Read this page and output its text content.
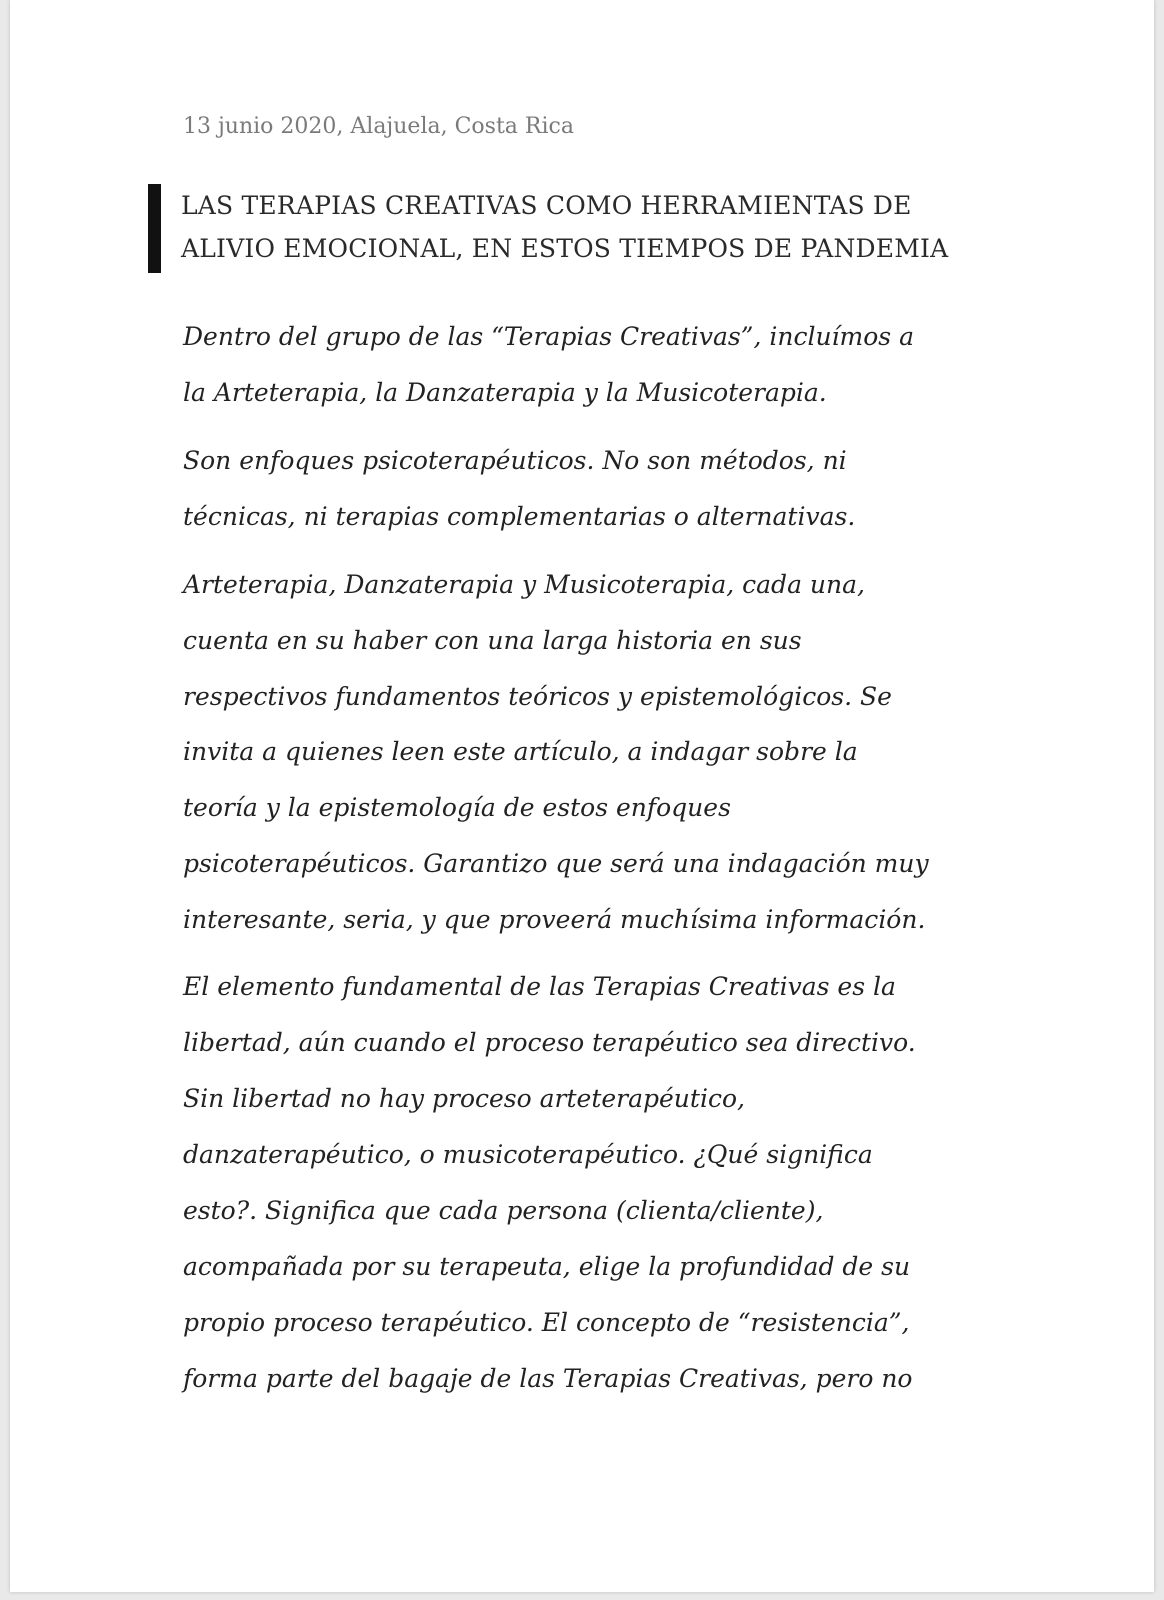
13 junio 2020, Alajuela, Costa Rica
LAS TERAPIAS CREATIVAS COMO HERRAMIENTAS DE
ALIVIO EMOCIONAL, EN ESTOS TIEMPOS DE PANDEMIA
Dentro del grupo de las “Terapias Creativas”, incluímos a
la Arteterapia, la Danzaterapia y la Musicoterapia.
Son enfoques psicoterapéuticos. No son métodos, ni
técnicas, ni terapias complementarias o alternativas.
Arteterapia, Danzaterapia y Musicoterapia, cada una,
cuenta en su haber con una larga historia en sus
respectivos fundamentos teóricos y epistemológicos. Se
invita a quienes leen este artículo, a indagar sobre la
teoría y la epistemología de estos enfoques
psicoterapéuticos. Garantizo que será una indagación muy
interesante, seria, y que proveerá muchísima información.
El elemento fundamental de las Terapias Creativas es la
libertad, aún cuando el proceso terapéutico sea directivo.
Sin libertad no hay proceso arteterapéutico,
danzaterapéutico, o musicoterapéutico. ¿Qué significa
esto?. Significa que cada persona (clienta/cliente),
acompañada por su terapeuta, elige la profundidad de su
propio proceso terapéutico. El concepto de “resistencia”,
forma parte del bagaje de las Terapias Creativas, pero no
